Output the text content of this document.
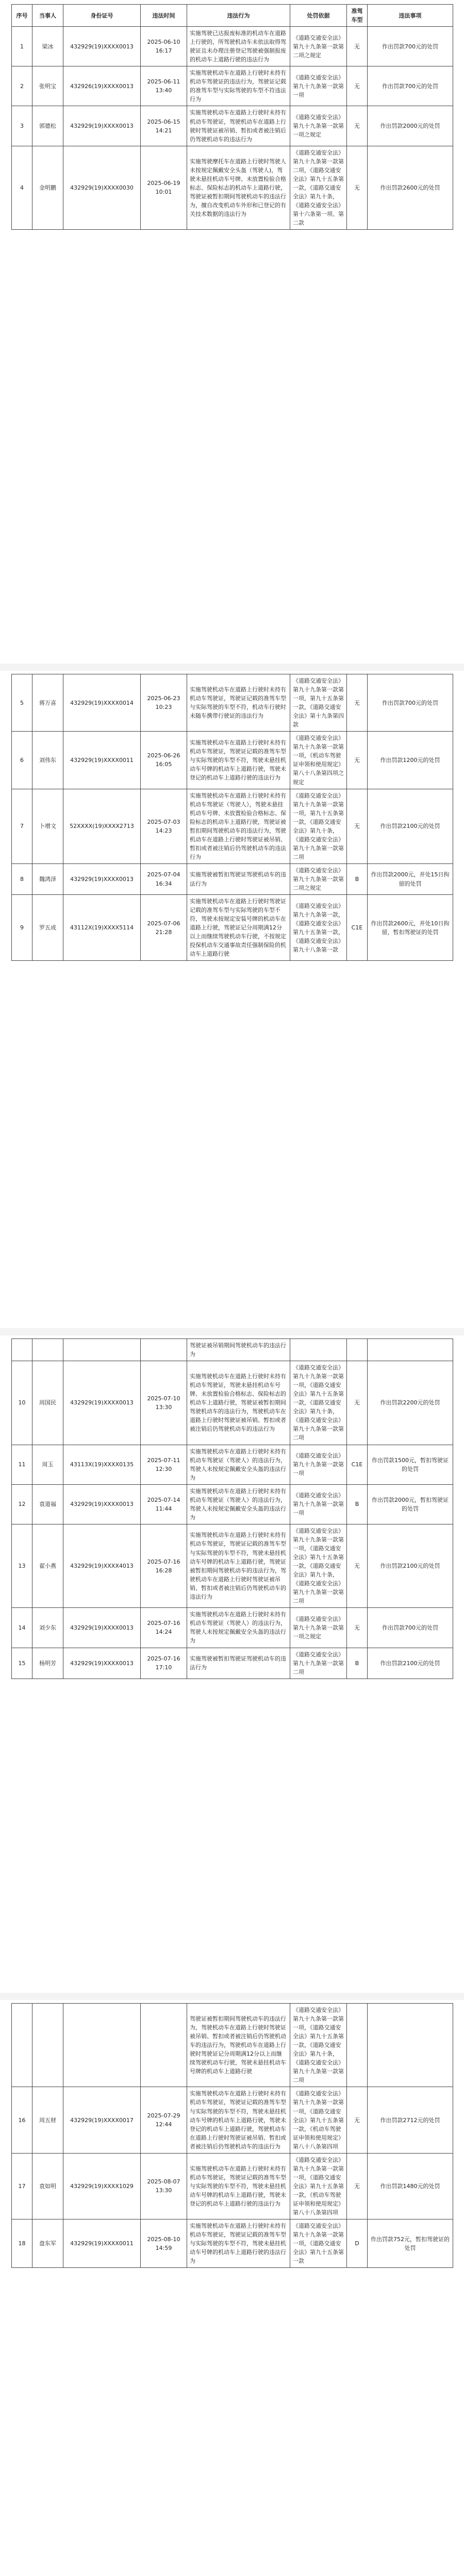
序号	当事人	身份证号	违法时间	违法行为	处罚依据	准驾车型	违法事项
1	梁冰	432929(19)XXXX0013	2025-06-10 16:17	实施驾驶已达报废标准的机动车在道路上行驶的，所驾驶机动车未依法取得驾驶证且未办理注册登记驾驶被强制报废的机动车上道路行驶的违法行为	《道路交通安全法》第九十九条第一款第二项之规定	无	作出罚款700元的处罚
2	张明宝	432926(19)XXXX0013	2025-06-11 13:40	实施驾驶机动车在道路上行驶时未持有机动车驾驶证的违法行为，驾驶证记载的准驾车型与实际驾驶的车型不符违法行为	《道路交通安全法》第九十九条第一款第一项	无	作出罚款700元的处罚
3	郭德松	432929(19)XXXX0013	2025-06-15 14:21	实施驾驶机动车在道路上行驶时未持有机动车驾驶证，驾驶机动车在道路上行驶时驾驶证被吊销、暂扣或者被注销后仍驾驶机动车的违法行为	《道路交通安全法》第九十九条第一款第一项之规定	无	作出罚款2000元的处罚
4	金明鹏	432929(19)XXXX0030	2025-06-19 10:01	实施驾驶摩托车在道路上行驶时驾驶人未按规定佩戴安全头盔（驾驶人)，驾驶未悬挂机动车号牌、未放置检验合格标志、保险标志的机动车上道路行驶，驾驶证被暂扣期间驾驶机动车的违法行为，擅自改变机动车外形和已登记的有关技术数据的违法行为	《道路交通安全法》第九十九条第一款第二项，《道路交通安全法》第九十五条第一款，《道路交通安全法》第九十条，《道路交通安全法》第十六条第一项、第二款	无	作出罚款2600元的处罚
5	蒋万喜	432929(19)XXXX0014	2025-06-23 10:23	实施驾驶机动车在道路上行驶时未持有机动车驾驶证，驾驶证记载的准驾车型与实际驾驶的车型不符，机动车行驶时未随车携带行驶证的违法行为	《道路交通安全法》第九十九条第一款第一项，第九十五条第一款，《道路交通安全法》第十九条第四款	无	作出罚款700元的处罚
6	刘伟东	432929(19)XXXX0011	2025-06-26 16:05	实施驾驶机动车在道路上行驶时未持有机动车驾驶证，驾驶证记载的准驾车型与实际驾驶的车型不符，驾驶未悬挂机动车号牌的机动车上道路行驶，驾驶未登记的机动车上道路行驶的违法行为	《道路交通安全法》第九十九条第一款第一项，《机动车驾驶证申领和使用规定》第八十八条第四项之规定	无	作出罚款1200元的处罚
7	卜增文	52XXXX(19)XXXX2713	2025-07-03 14:23	实施驾驶机动车在道路上行驶时未持有机动车驾驶证（驾驶人），驾驶未悬挂机动车号牌、未放置检验合格标志、保险标志的机动车上道路行驶，驾驶证被暂扣期间驾驶机动车的违法行为，驾驶机动车在道路上行驶时驾驶证被吊销、暂扣或者被注销后仍驾驶机动车的违法行为	《道路交通安全法》第九十九条第一款第一项，第九十五条第一款，《道路交通安全法》第九十条，《道路交通安全法》第九十九条第一款第二项	无	作出罚款2100元的处罚
8	魏鸿泽	432929(19)XXXX0013	2025-07-04 16:34	实施驾驶被暂扣驾驶证驾驶机动车的违法行为	《道路交通安全法》第九十九条第一款第二项之规定	B	作出罚款2000元，并处15日拘留的处罚
9	罗五成	43112X(19)XXXX5114	2025-07-06 21:28	实施驾驶机动车在道路上行驶时驾驶证记载的准驾车型与实际驾驶的车型不符，驾驶未按规定安装号牌的机动车在道路上行驶，驾驶证记分周期满12分以上而继续驾驶机动车行驶，不按规定投保机动车交通事故责任强制保险的机动车上道路行驶	《道路交通安全法》第九十九条第一款，《道路交通安全法》第九十五条第一款，《道路交通安全法》第九十八条第一款	C1E	作出罚款2600元，并处10日拘留，暂扣驾驶证的处罚
				驾驶证被吊销期间驾驶机动车的违法行为			
10	周国民	432929(19)XXXX0013	2025-07-10 13:30	实施驾驶机动车在道路上行驶时未持有机动车驾驶证，驾驶未悬挂机动车号牌、未放置检验合格标志、保险标志的机动车上道路行驶，驾驶证被暂扣期间驾驶机动车的违法行为，驾驶机动车在道路上行驶时驾驶证被吊销、暂扣或者被注销后仍驾驶机动车的违法行为	《道路交通安全法》第九十九条第一款第一项，《道路交通安全法》第九十五条第一款，《道路交通安全法》第九十条，《道路交通安全法》第九十九条第一款第二项	无	作出罚款2200元的处罚
11	周玉	43113X(19)XXXX0135	2025-07-11 12:30	实施驾驶机动车在道路上行驶时未持有机动车驾驶证（驾驶人）的违法行为，驾驶人未按规定佩戴安全头盔的违法行为	《道路交通安全法》第九十九条第一款第一项	C1E	作出罚款1500元，暂扣驾驶证的处罚
12	袁道福	432929(19)XXXX0013	2025-07-14 11:44	实施驾驶机动车在道路上行驶时未持有机动车驾驶证（驾驶人）的违法行为，驾驶人未按规定佩戴安全头盔的违法行为	《道路交通安全法》第九十九条第一款第一项	B	作出罚款2000元，暂扣驾驶证的处罚
13	翟小燕	432929(19)XXXX4013	2025-07-16 16:28	实施驾驶机动车在道路上行驶时未持有机动车驾驶证，驾驶证记载的准驾车型与实际驾驶的车型不符，驾驶未悬挂机动车号牌的机动车上道路行驶，驾驶证被暂扣期间驾驶机动车的违法行为，驾驶机动车在道路上行驶时驾驶证被吊销、暂扣或者被注销后仍驾驶机动车的违法行为	《道路交通安全法》第九十九条第一款第一项，《道路交通安全法》第九十五条第一款，《道路交通安全法》第九十条，《道路交通安全法》第九十九条第一款第二项	无	作出罚款2100元的处罚
14	刘少东	432929(19)XXXX0013	2025-07-16 14:24	实施驾驶机动车在道路上行驶时未持有机动车驾驶证（驾驶人）的违法行为，驾驶人未按规定佩戴安全头盔的违法行为	《道路交通安全法》第九十九条第一款第一项之规定	无	作出罚款700元的处罚
15	杨明芳	432929(19)XXXX0013	2025-07-16 17:10	实施驾驶被暂扣驾驶证驾驶机动车的违法行为	《道路交通安全法》第九十九条第一款第二项	B	作出罚款2100元的处罚
				驾驶证被暂扣期间驾驶机动车的违法行为，驾驶机动车在道路上行驶时驾驶证被吊销、暂扣或者被注销后仍驾驶机动车的违法行为，驾驶机动车在道路上行驶时驾驶证记分周期满12分以上而继续驾驶机动车行驶，驾驶未悬挂机动车号牌的机动车上道路行驶	《道路交通安全法》第九十九条第一款第一项，《道路交通安全法》第九十五条第一款，《道路交通安全法》第九十条，《道路交通安全法》第九十九条第一款第二项		
16	周五财	432929(19)XXXX0017	2025-07-29 12:44	实施驾驶机动车在道路上行驶时未持有机动车驾驶证，驾驶证记载的准驾车型与实际驾驶的车型不符，驾驶未悬挂机动车号牌的机动车上道路行驶，驾驶未登记的机动车上道路行驶，驾驶机动车在道路上行驶时驾驶证被吊销、暂扣或者被注销后仍驾驶机动车的违法行为	《道路交通安全法》第九十九条第一款第一项，《道路交通安全法》第九十五条第一款，《机动车驾驶证申领和使用规定》第八十八条第四项	无	作出罚款2712元的处罚
17	袁如明	432929(19)XXXX1029	2025-08-07 13:30	实施驾驶机动车在道路上行驶时未持有机动车驾驶证，驾驶证记载的准驾车型与实际驾驶的车型不符，驾驶未悬挂机动车号牌的机动车上道路行驶，驾驶未登记的机动车上道路行驶的违法行为	《道路交通安全法》第九十九条第一款第一项，《道路交通安全法》第九十五条第一款，《机动车驾驶证申领和使用规定》第八十八条第四项	无	作出罚款1480元的处罚
18	盘东军	432929(19)XXXX0011	2025-08-10 14:59	实施驾驶机动车在道路上行驶时未持有机动车驾驶证，驾驶证记载的准驾车型与实际驾驶的车型不符，驾驶未悬挂机动车号牌的机动车上道路行驶的违法行为	《道路交通安全法》第九十九条第一款第一项，《道路交通安全法》第九十五条第一款	D	作出罚款752元，暂扣驾驶证的处罚
